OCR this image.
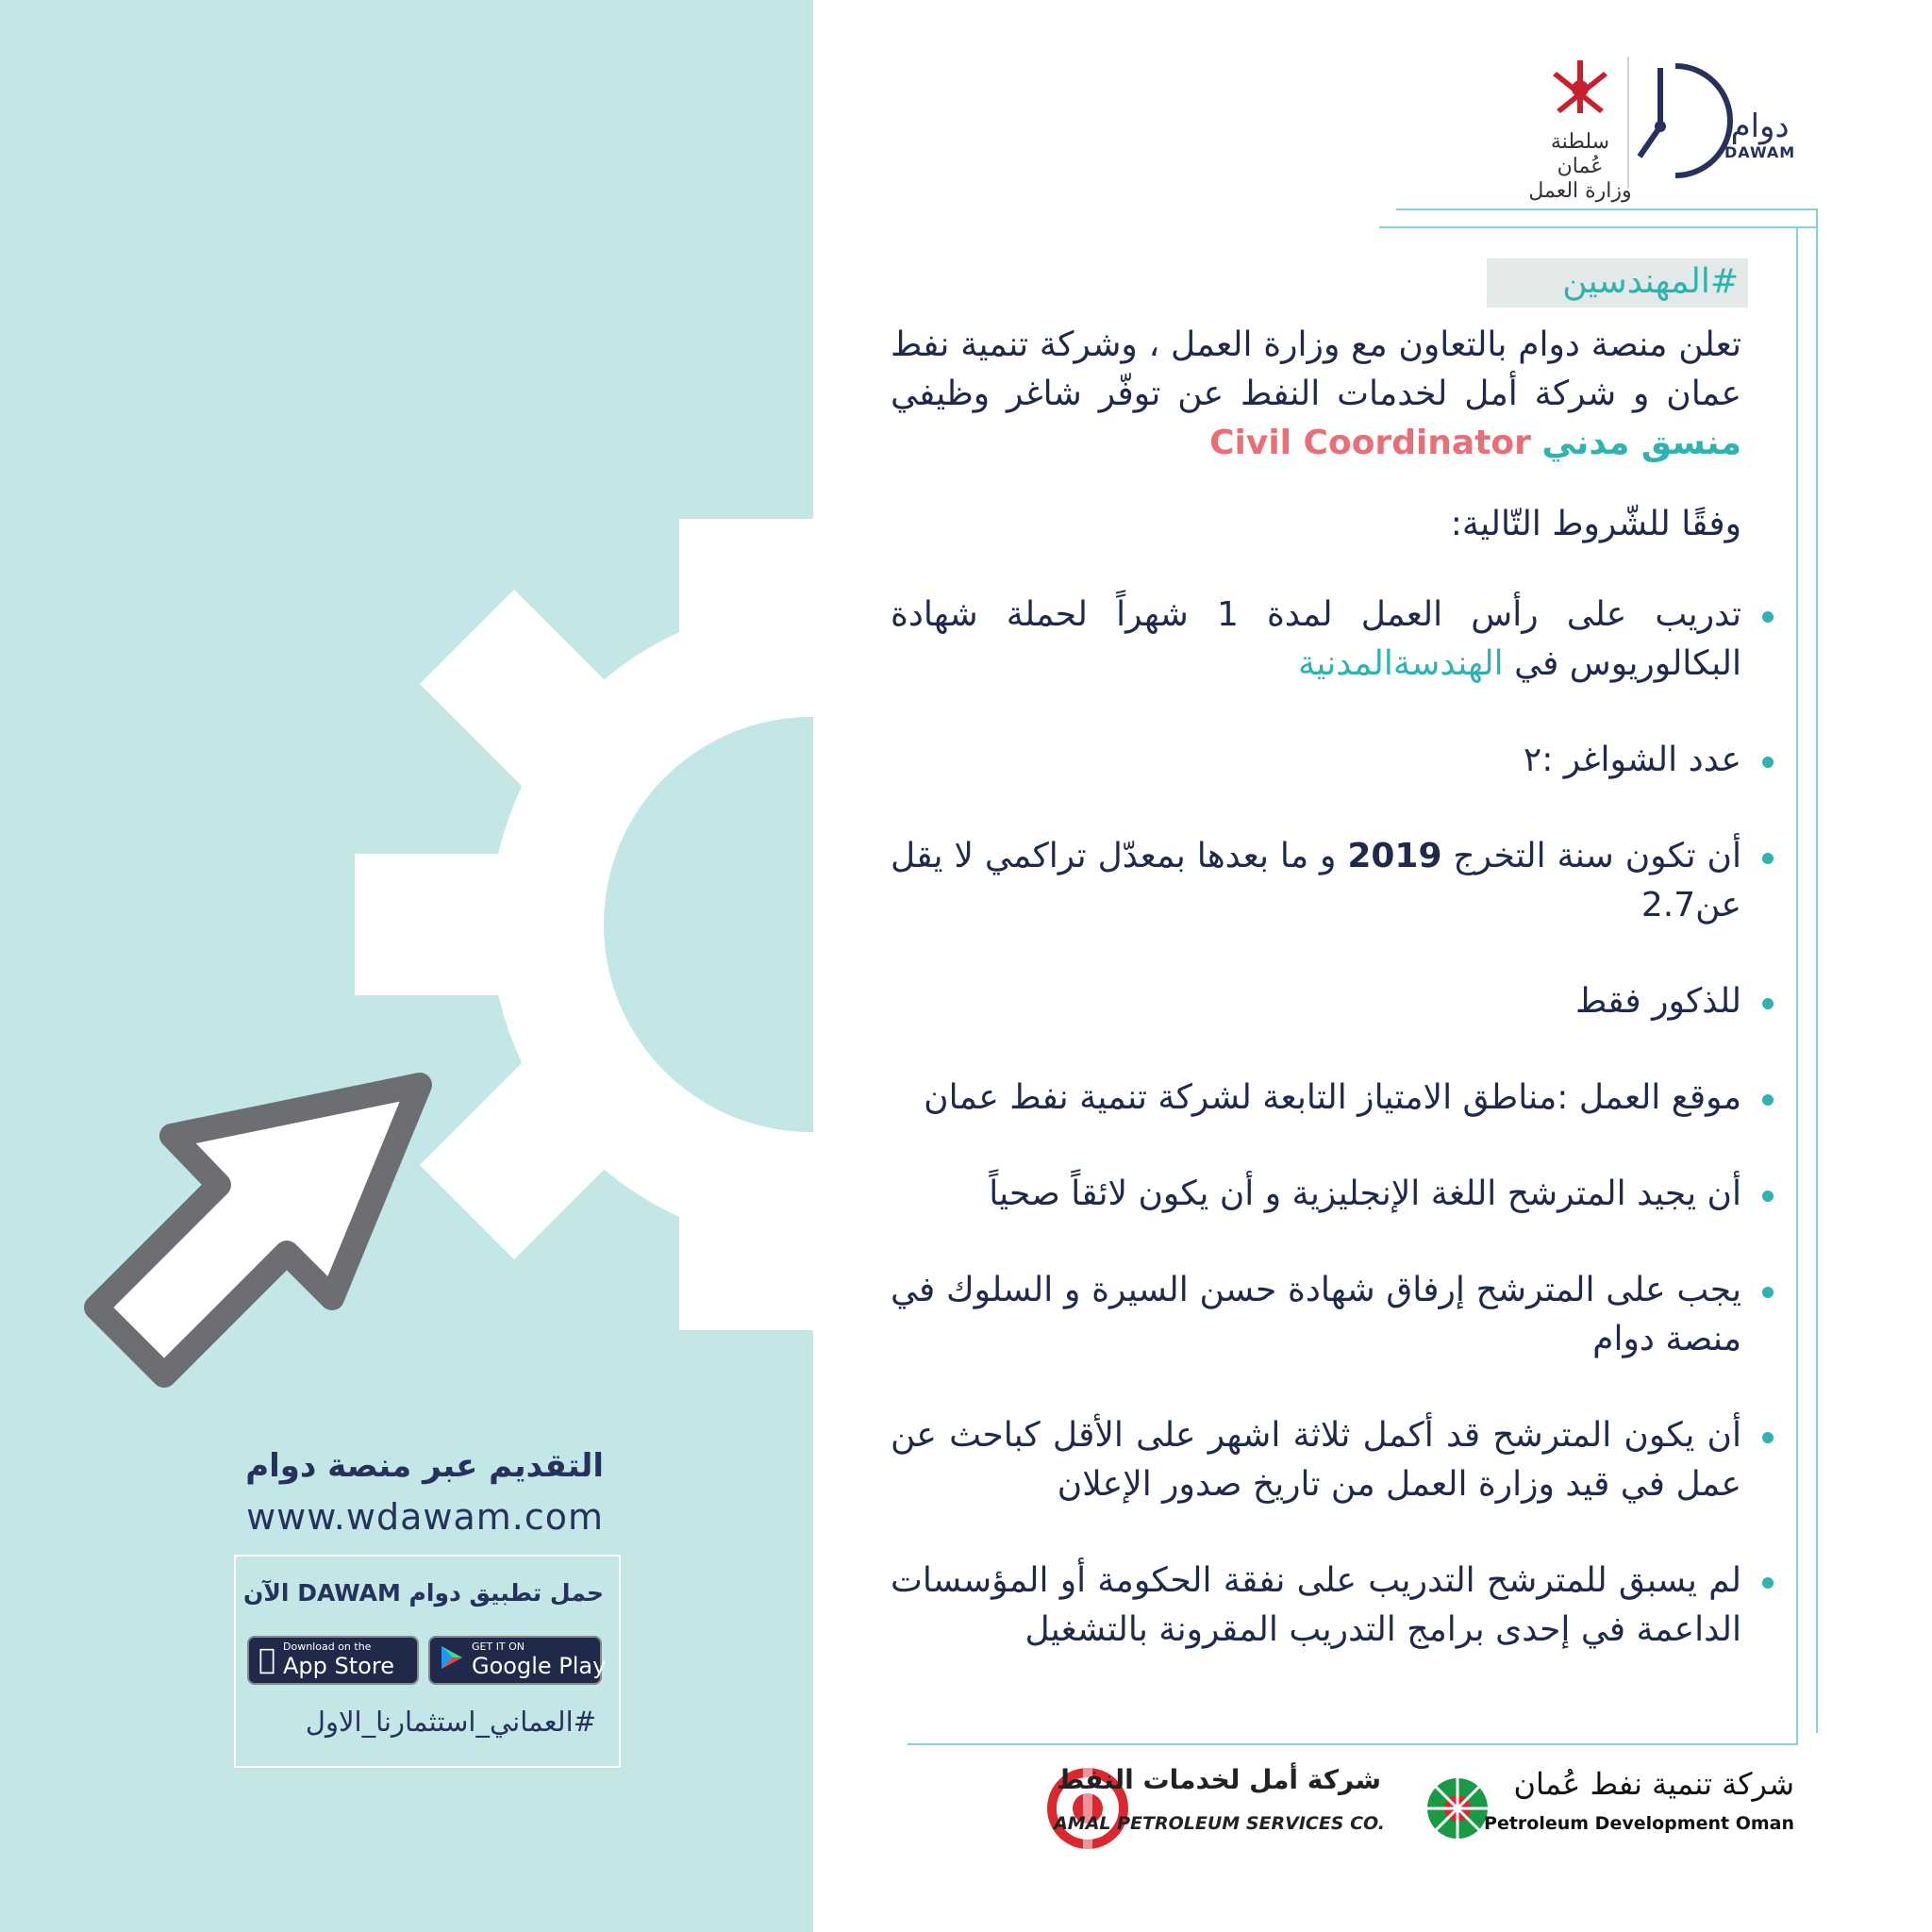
التقديم عبر منصة دوام
www.wdawam.com
حمل تطبيق دوام DAWAM الآن
Download on the
App Store
GET IT ON
Google Play
#العماني_استثمارنا_الاول
سلطنة عُمان
وزارة العمل
دوام
DAWAM
#المهندسين

تعلن منصة دوام بالتعاون مع وزارة العمل ، وشركة تنمية نفط عمان و شركة أمل لخدمات النفط عن توفّر شاغر وظيفي منسق مدني Civil Coordinator

وفقًا للشّروط التّالية:

تدريب على رأس العمل لمدة 1 شهراً لحملة شهادة البكالوريوس في الهندسةالمدنية
عدد الشواغر :٢
أن تكون سنة التخرج 2019 و ما بعدها بمعدّل تراكمي لا يقل عن2.7
للذكور فقط
موقع العمل :مناطق الامتياز التابعة لشركة تنمية نفط عمان
أن يجيد المترشح اللغة الإنجليزية و أن يكون لائقاً صحياً
يجب على المترشح إرفاق شهادة حسن السيرة و السلوك في منصة دوام
أن يكون المترشح قد أكمل ثلاثة اشهر على الأقل كباحث عن عمل في قيد وزارة العمل من تاريخ صدور الإعلان
لم يسبق للمترشح التدريب على نفقة الحكومة أو المؤسسات الداعمة في إحدى برامج التدريب المقرونة بالتشغيل
شركة أمل لخدمات النفط
AMAL PETROLEUM SERVICES CO.
شركة تنمية نفط عُمان
Petroleum Development Oman
